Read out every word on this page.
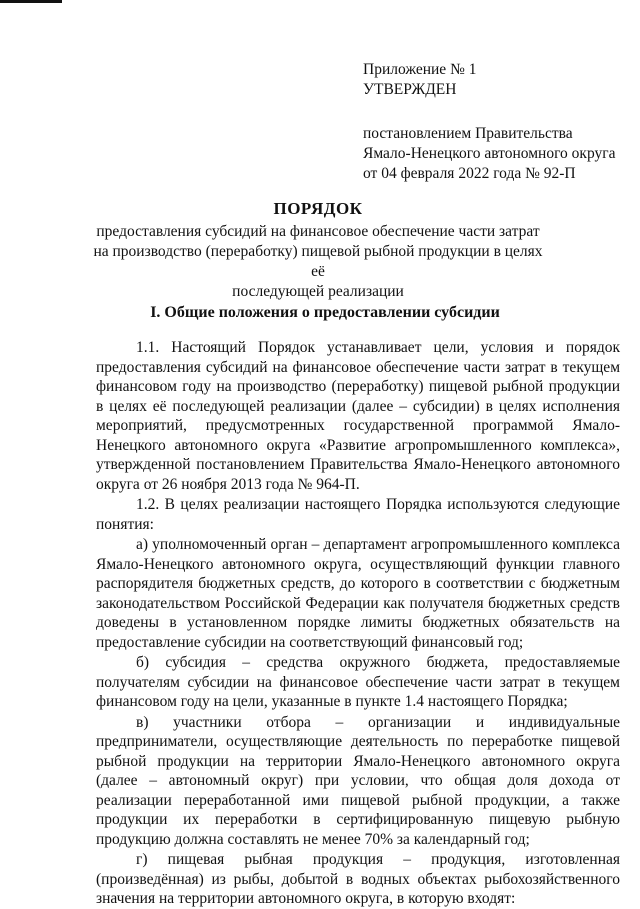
Приложение № 1
УТВЕРЖДЕН
постановлением Правительства
Ямало-Ненецкого автономного округа
от 04 февраля 2022 года № 92-П
ПОРЯДОК
предоставления субсидий на финансовое обеспечение части затрат
на производство (переработку) пищевой рыбной продукции в целях её
последующей реализации
I. Общие положения о предоставлении субсидии

1.1. Настоящий Порядок устанавливает цели, условия и порядок предоставления субсидий на финансовое обеспечение части затрат в текущем финансовом году на производство (переработку) пищевой рыбной продукции в целях её последующей реализации (далее – субсидии) в целях исполнения мероприятий, предусмотренных государственной программой Ямало-Ненецкого автономного округа «Развитие агропромышленного комплекса», утвержденной постановлением Правительства Ямало-Ненецкого автономного округа от 26 ноября 2013 года № 964-П.

1.2. В целях реализации настоящего Порядка используются следующие понятия:

а) уполномоченный орган – департамент агропромышленного комплекса Ямало-Ненецкого автономного округа, осуществляющий функции главного распорядителя бюджетных средств, до которого в соответствии с бюджетным законодательством Российской Федерации как получателя бюджетных средств доведены в установленном порядке лимиты бюджетных обязательств на предоставление субсидии на соответствующий финансовый год;

б) субсидия – средства окружного бюджета, предоставляемые получателям субсидии на финансовое обеспечение части затрат в текущем финансовом году на цели, указанные в пункте 1.4 настоящего Порядка;

в) участники отбора – организации и индивидуальные предприниматели, осуществляющие деятельность по переработке пищевой рыбной продукции на территории Ямало-Ненецкого автономного округа (далее – автономный округ) при условии, что общая доля дохода от реализации переработанной ими пищевой рыбной продукции, а также продукции их переработки в сертифицированную пищевую рыбную продукцию должна составлять не менее 70% за календарный год;

г) пищевая рыбная продукция – продукция, изготовленная (произведённая) из рыбы, добытой в водных объектах рыбохозяйственного значения на территории автономного округа, в которую входят:
